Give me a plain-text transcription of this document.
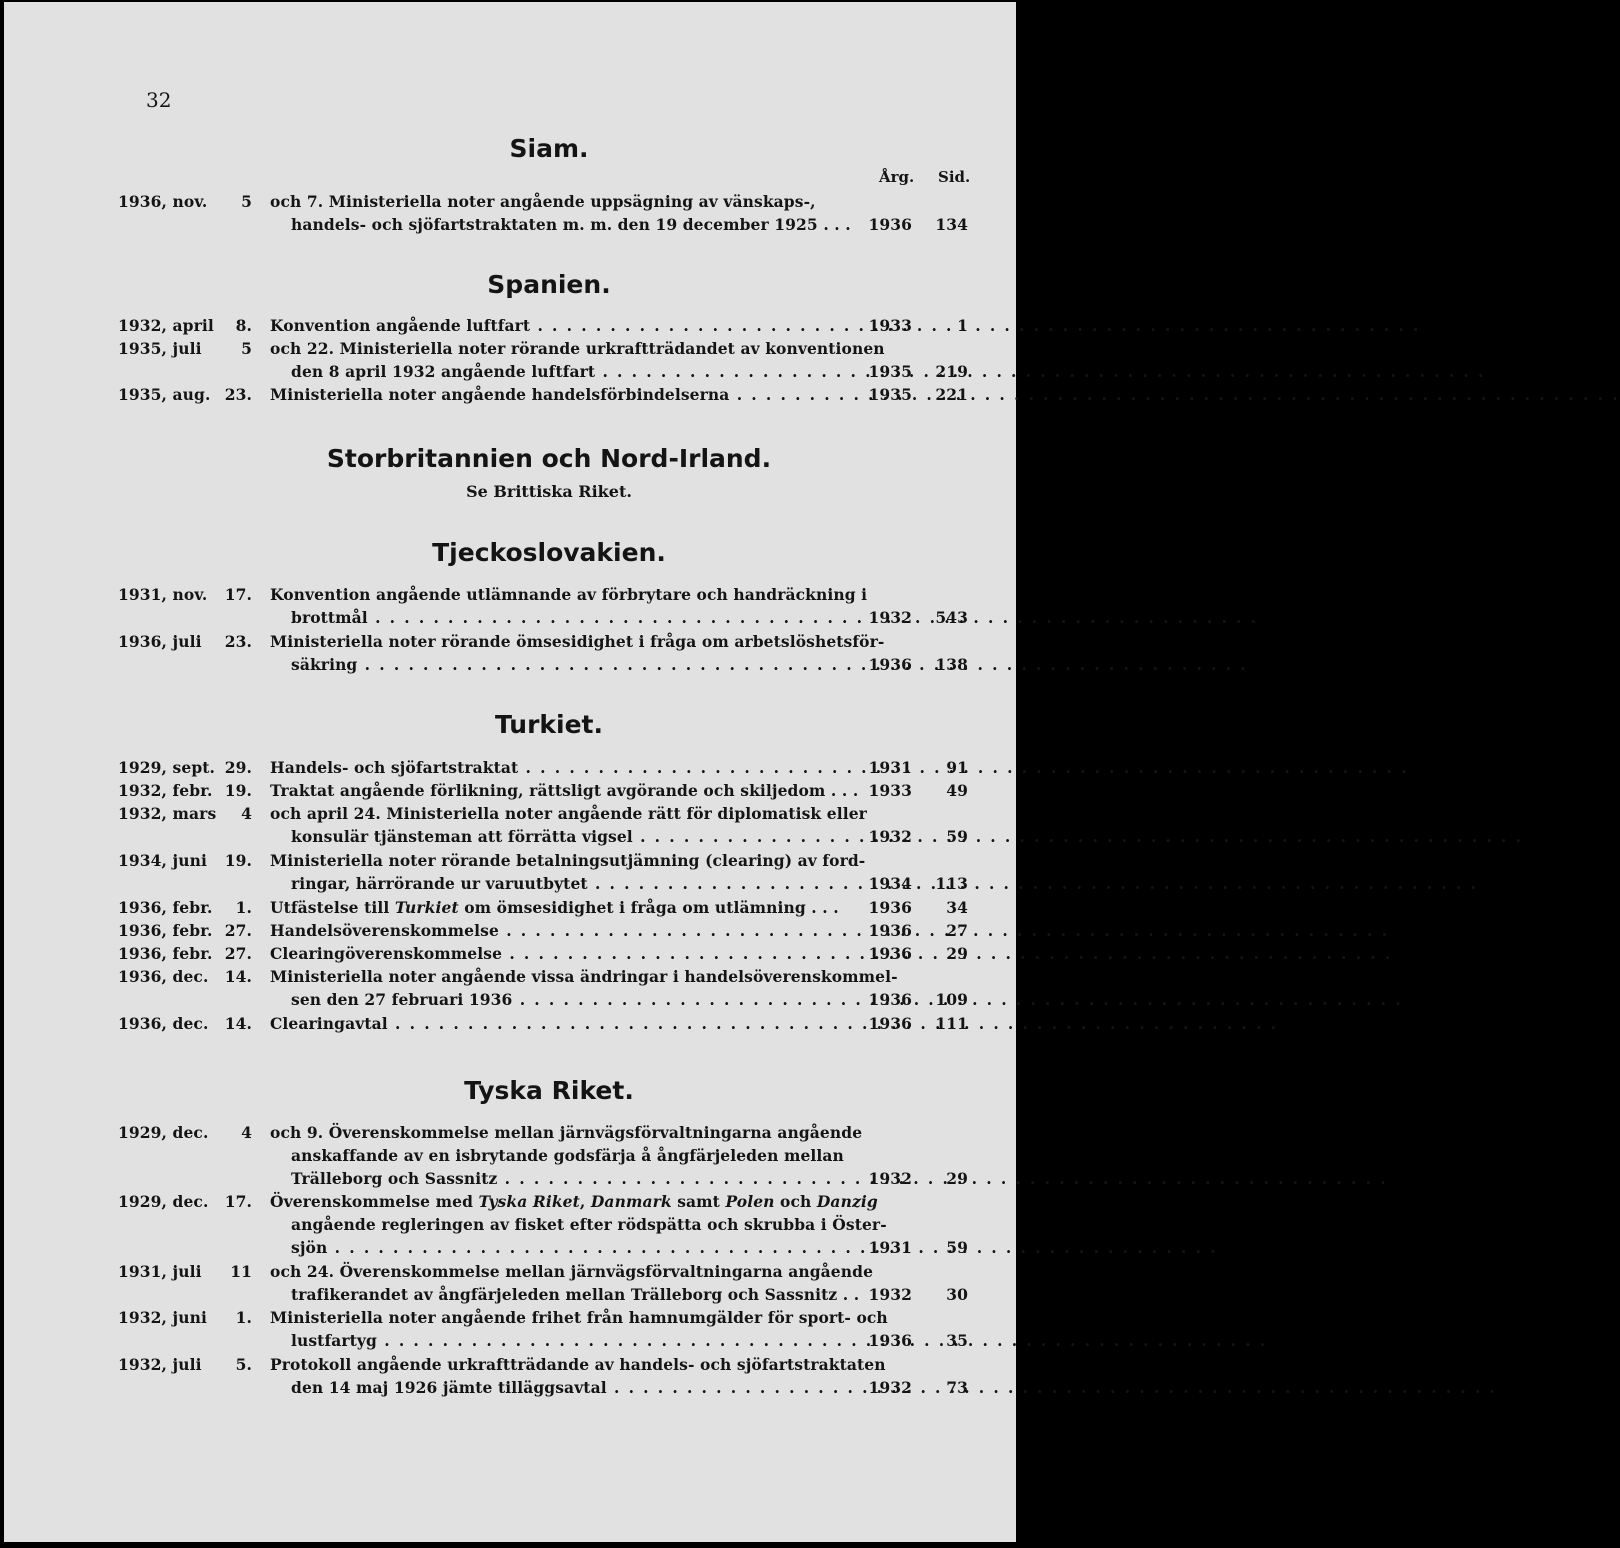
32
Årg. Sid.
Siam.
1936, nov.	5 och 7. Ministeriella noter angående uppsägning av vänskaps-,
handels- och sjöfartstraktaten m. m. den 19 december 1925 . . .	1936	134
Spanien.
1932, april	8. Konvention angående luftfart . . .	1933	1
1935, juli	5 och 22. Ministeriella noter rörande urkraftträdandet av konventionen
den 8 april 1932 angående luftfart . . .	1935	219
1935, aug. 23. Ministeriella noter angående handelsförbindelserna . . .	1935	221
Storbritannien och Nord-Irland.
Se Brittiska Riket.
Tjeckoslovakien.
1931, nov.	17. Konvention angående utlämnande av förbrytare och handräckning i
brottmål . . .	1932	543
1936, juli	23. Ministeriella noter rörande ömsesidighet i fråga om arbetslöshetsför-
säkring . . .	1936	138
Turkiet.
1929, sept. 29. Handels- och sjöfartstraktat . . .	1931	91
1932, febr. 19. Traktat angående förlikning, rättsligt avgörande och skiljedom . . . 1933	49
1932, mars	4 och april 24. Ministeriella noter angående rätt för diplomatisk eller
konsulär tjänsteman att förrätta vigsel . . .	1932	59
1934, juni	19. Ministeriella noter rörande betalningsutjämning (clearing) av ford-
ringar, härrörande ur varuutbytet . . .	1934	113
1936, febr.	1. Utfästelse till Turkiet om ömsesidighet i fråga om utlämning . . .	1936	34
1936, febr. 27. Handelsöverenskommelse . . .	1936	27
1936, febr. 27. Clearingöverenskommelse . . .	1936	29
1936, dec.	14. Ministeriella noter angående vissa ändringar i handelsöverenskommel-
sen den 27 februari 1936 . . .	1936	109
1936, dec.	14. Clearingavtal . . .	1936	111
Tyska Riket.
1929, dec.	4 och 9. Överenskommelse mellan järnvägsförvaltningarna angående
anskaffande av en isbrytande godsfärja å ångfärjeleden mellan
Trälleborg och Sassnitz . . .	1932	29
1929, dec.	17. Överenskommelse med Tyska Riket, Danmark samt Polen och Danzig
angående regleringen av fisket efter rödspätta och skrubba i Öster-
sjön . . .	1931	59
1931, juli	11 och 24. Överenskommelse mellan järnvägsförvaltningarna angående
trafikerandet av ångfärjeleden mellan Trälleborg och Sassnitz . . 1932	30
1932, juni	1. Ministeriella noter angående frihet från hamnumgälder för sport- och
lustfartyg . . .	1936	35
1932, juli	5. Protokoll angående urkraftträdande av handels- och sjöfartstraktaten
den 14 maj 1926 jämte tilläggsavtal . . .	1932	73
